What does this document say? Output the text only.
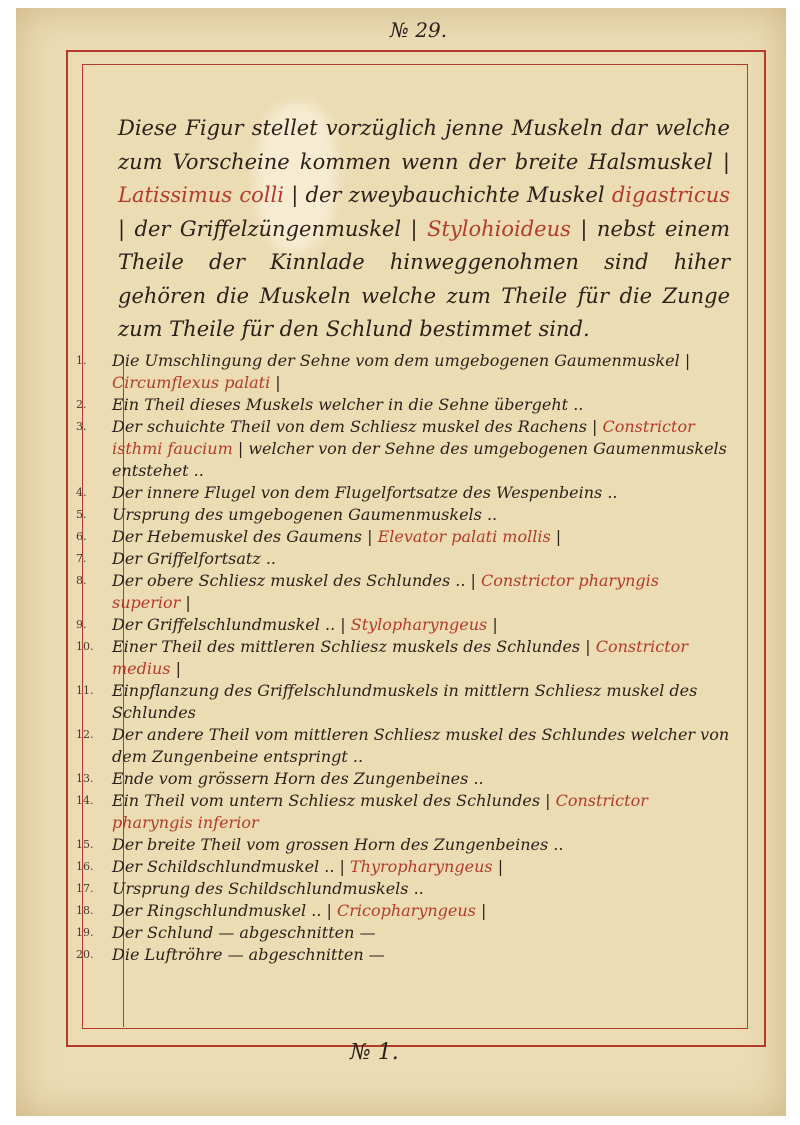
№ 29.
Diese Figur stellet vorzüglich jenne Muskeln dar welche zum Vorscheine kommen wenn der breite Halsmuskel | Latissimus colli | der zweybauchichte Muskel digastricus | der Griffelzüngenmuskel | Stylohioideus | nebst einem Theile der Kinnlade hinweggenohmen sind hiher gehören die Muskeln welche zum Theile für die Zunge zum Theile für den Schlund bestimmet sind.
1.	Die Umschlingung der Sehne vom dem umgebogenen Gaumenmuskel | Circumflexus palati |
2.	Ein Theil dieses Muskels welcher in die Sehne übergeht ..
3.	Der schuichte Theil von dem Schliesz muskel des Rachens | Constrictor isthmi faucium | welcher von der Sehne des umgebogenen Gaumenmuskels entstehet ..
4.	Der innere Flugel von dem Flugelfortsatze des Wespenbeins ..
5.	Ursprung des umgebogenen Gaumenmuskels ..
6.	Der Hebemuskel des Gaumens | Elevator palati mollis |
7.	Der Griffelfortsatz ..
8.	Der obere Schliesz muskel des Schlundes .. | Constrictor pharyngis superior |
9.	Der Griffelschlundmuskel .. | Stylopharyngeus |
10.	Einer Theil des mittleren Schliesz muskels des Schlundes | Constrictor medius |
11.	Einpflanzung des Griffelschlundmuskels in mittlern Schliesz muskel des Schlundes
12.	Der andere Theil vom mittleren Schliesz muskel des Schlundes welcher von dem Zungenbeine entspringt ..
13.	Ende vom grössern Horn des Zungenbeines ..
14.	Ein Theil vom untern Schliesz muskel des Schlundes | Constrictor pharyngis inferior
15.	Der breite Theil vom grossen Horn des Zungenbeines ..
16.	Der Schildschlundmuskel .. | Thyropharyngeus |
17.	Ursprung des Schildschlundmuskels ..
18.	Der Ringschlundmuskel .. | Cricopharyngeus |
19.	Der Schlund — abgeschnitten —
20.	Die Luftröhre — abgeschnitten —
№ 1.
